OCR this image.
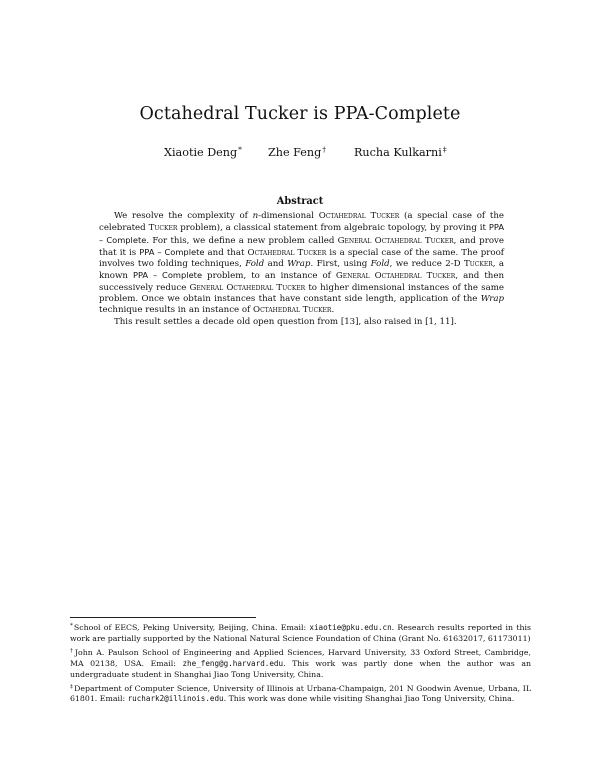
Octahedral Tucker is PPA-Complete
Xiaotie Deng* Zhe Feng† Rucha Kulkarni‡
Abstract

We resolve the complexity of n-dimensional Octahedral Tucker (a special case of the celebrated Tucker problem), a classical statement from algebraic topology, by proving it PPA – Complete. For this, we define a new problem called General Octahedral Tucker, and prove that it is PPA – Complete and that Octahedral Tucker is a special case of the same. The proof involves two folding techniques, Fold and Wrap. First, using Fold, we reduce 2-D Tucker, a known PPA – Complete problem, to an instance of General Octahedral Tucker, and then successively reduce General Octahedral Tucker to higher dimensional instances of the same problem. Once we obtain instances that have constant side length, application of the Wrap technique results in an instance of Octahedral Tucker.

This result settles a decade old open question from [13], also raised in [1, 11].

*School of EECS, Peking University, Beijing, China. Email: xiaotie@pku.edu.cn. Research results reported in this work are partially supported by the National Natural Science Foundation of China (Grant No. 61632017, 61173011)

†John A. Paulson School of Engineering and Applied Sciences, Harvard University, 33 Oxford Street, Cambridge, MA 02138, USA. Email: zhe_feng@g.harvard.edu. This work was partly done when the author was an undergraduate student in Shanghai Jiao Tong University, China.

‡Department of Computer Science, University of Illinois at Urbana-Champaign, 201 N Goodwin Avenue, Urbana, IL 61801. Email: ruchark2@illinois.edu. This work was done while visiting Shanghai Jiao Tong University, China.
